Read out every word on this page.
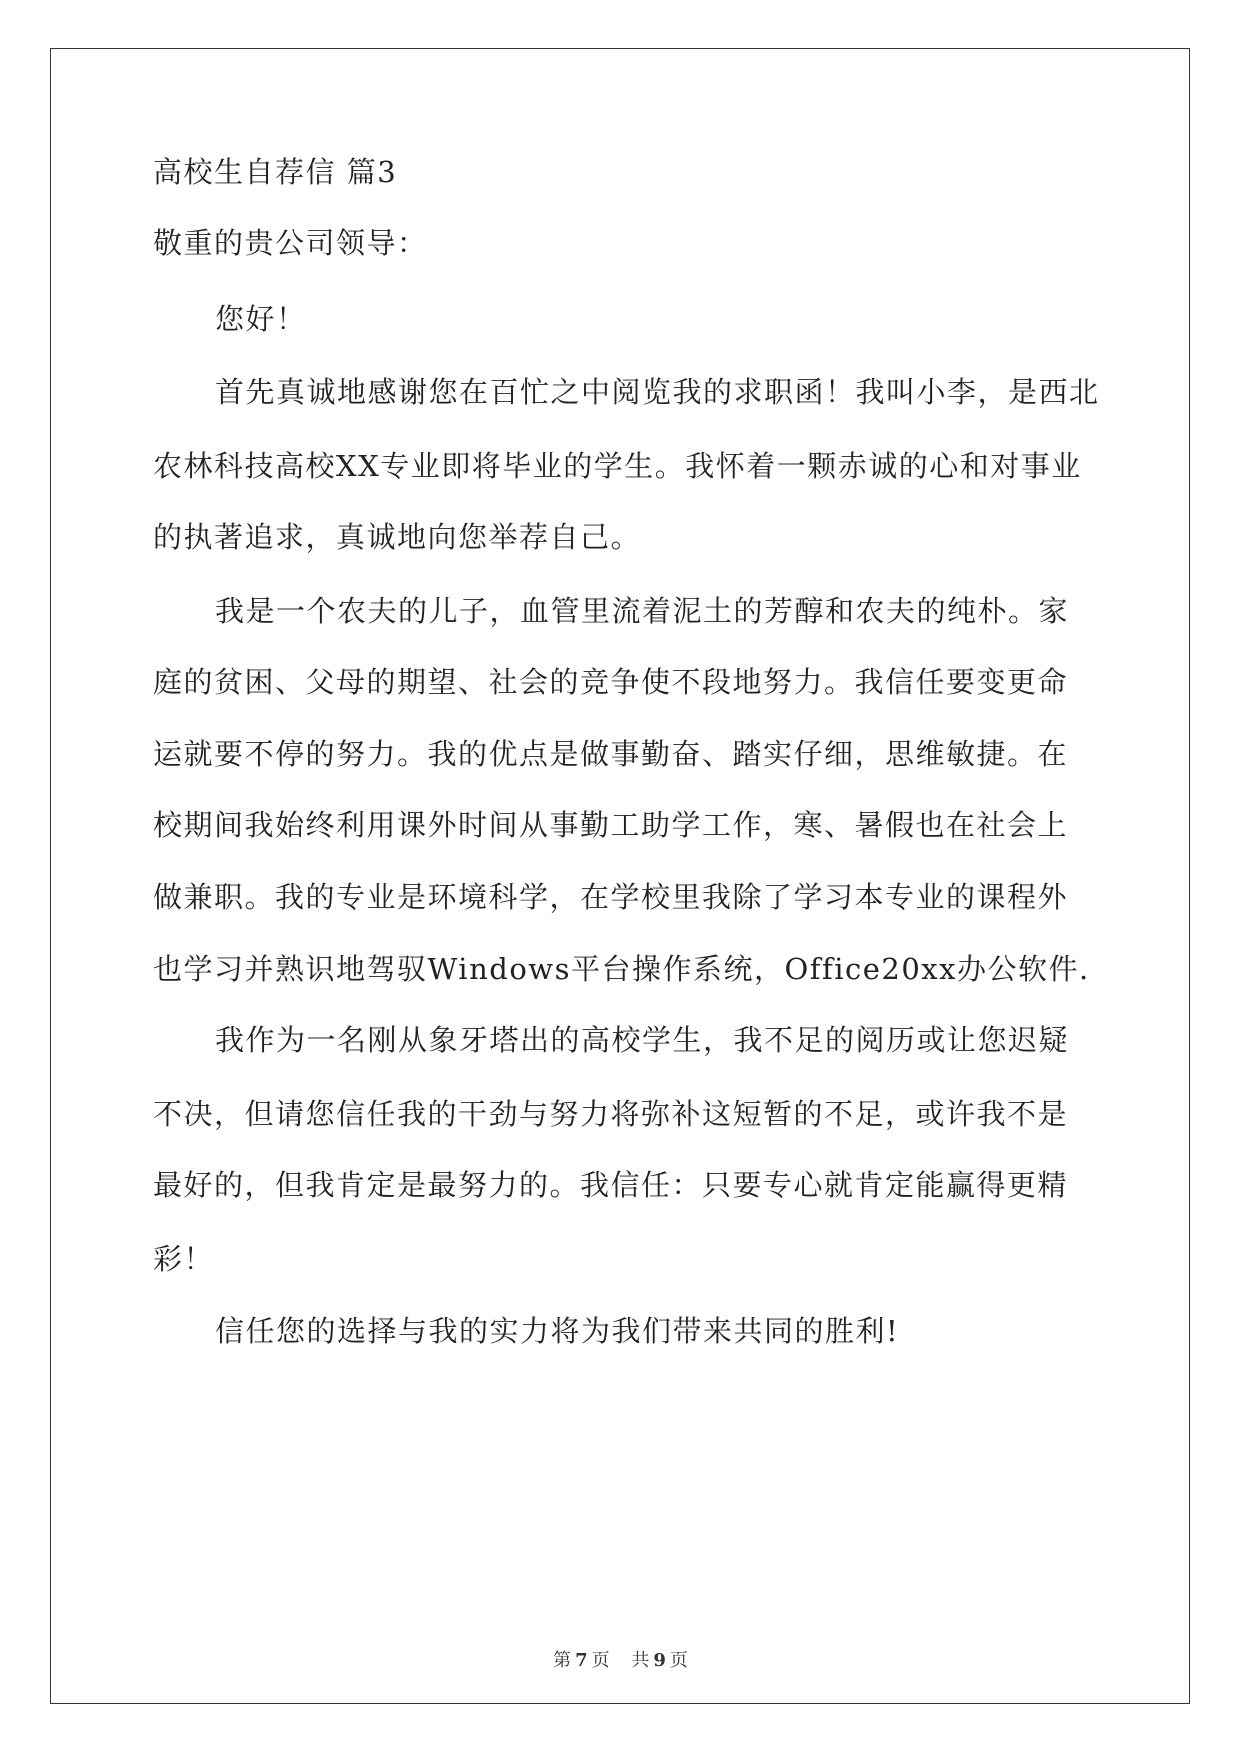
高校生自荐信 篇3
敬重的贵公司领导：
您好！
首先真诚地感谢您在百忙之中阅览我的求职函！我叫小李，是西北
农林科技高校XX专业即将毕业的学生。我怀着一颗赤诚的心和对事业
的执著追求，真诚地向您举荐自己。
我是一个农夫的儿子，血管里流着泥土的芳醇和农夫的纯朴。家
庭的贫困、父母的期望、社会的竞争使不段地努力。我信任要变更命
运就要不停的努力。我的优点是做事勤奋、踏实仔细，思维敏捷。在
校期间我始终利用课外时间从事勤工助学工作，寒、暑假也在社会上
做兼职。我的专业是环境科学，在学校里我除了学习本专业的课程外
也学习并熟识地驾驭Windows平台操作系统，Office20xx办公软件.
我作为一名刚从象牙塔出的高校学生，我不足的阅历或让您迟疑
不决，但请您信任我的干劲与努力将弥补这短暂的不足，或许我不是
最好的，但我肯定是最努力的。我信任：只要专心就肯定能赢得更精
彩！
信任您的选择与我的实力将为我们带来共同的胜利!
第 7 页 共 9 页
